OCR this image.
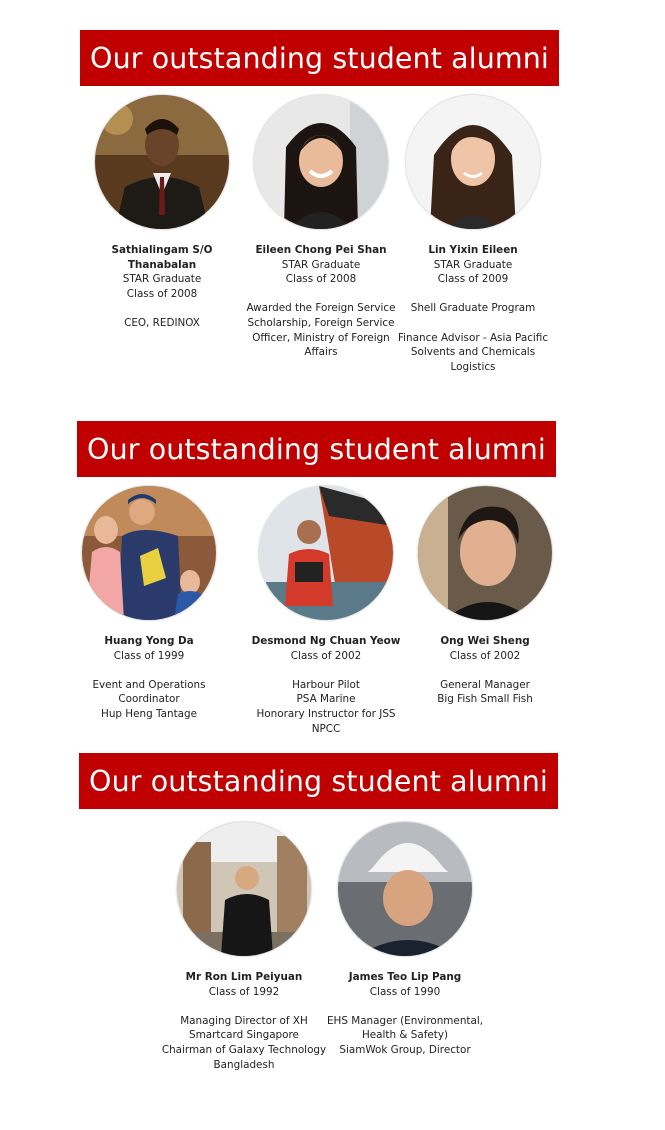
Our outstanding student alumni
Sathialingam S/O Thanabalan
STAR Graduate
Class of 2008
CEO, REDINOX
Eileen Chong Pei Shan
STAR Graduate
Class of 2008
Awarded the Foreign Service Scholarship, Foreign Service Officer, Ministry of Foreign Affairs
Lin Yixin Eileen
STAR Graduate
Class of 2009
Shell Graduate Program
Finance Advisor - Asia Pacific Solvents and Chemicals Logistics
Our outstanding student alumni
Huang Yong Da
Class of 1999
Event and Operations Coordinator
Hup Heng Tantage
Desmond Ng Chuan Yeow
Class of 2002
Harbour Pilot
PSA Marine
Honorary Instructor for JSS NPCC
Ong Wei Sheng
Class of 2002
General Manager
Big Fish Small Fish
Our outstanding student alumni
Mr Ron Lim Peiyuan
Class of 1992
Managing Director of XH Smartcard Singapore
Chairman of Galaxy Technology Bangladesh
James Teo Lip Pang
Class of 1990
EHS Manager (Environmental, Health & Safety)
SiamWok Group, Director
